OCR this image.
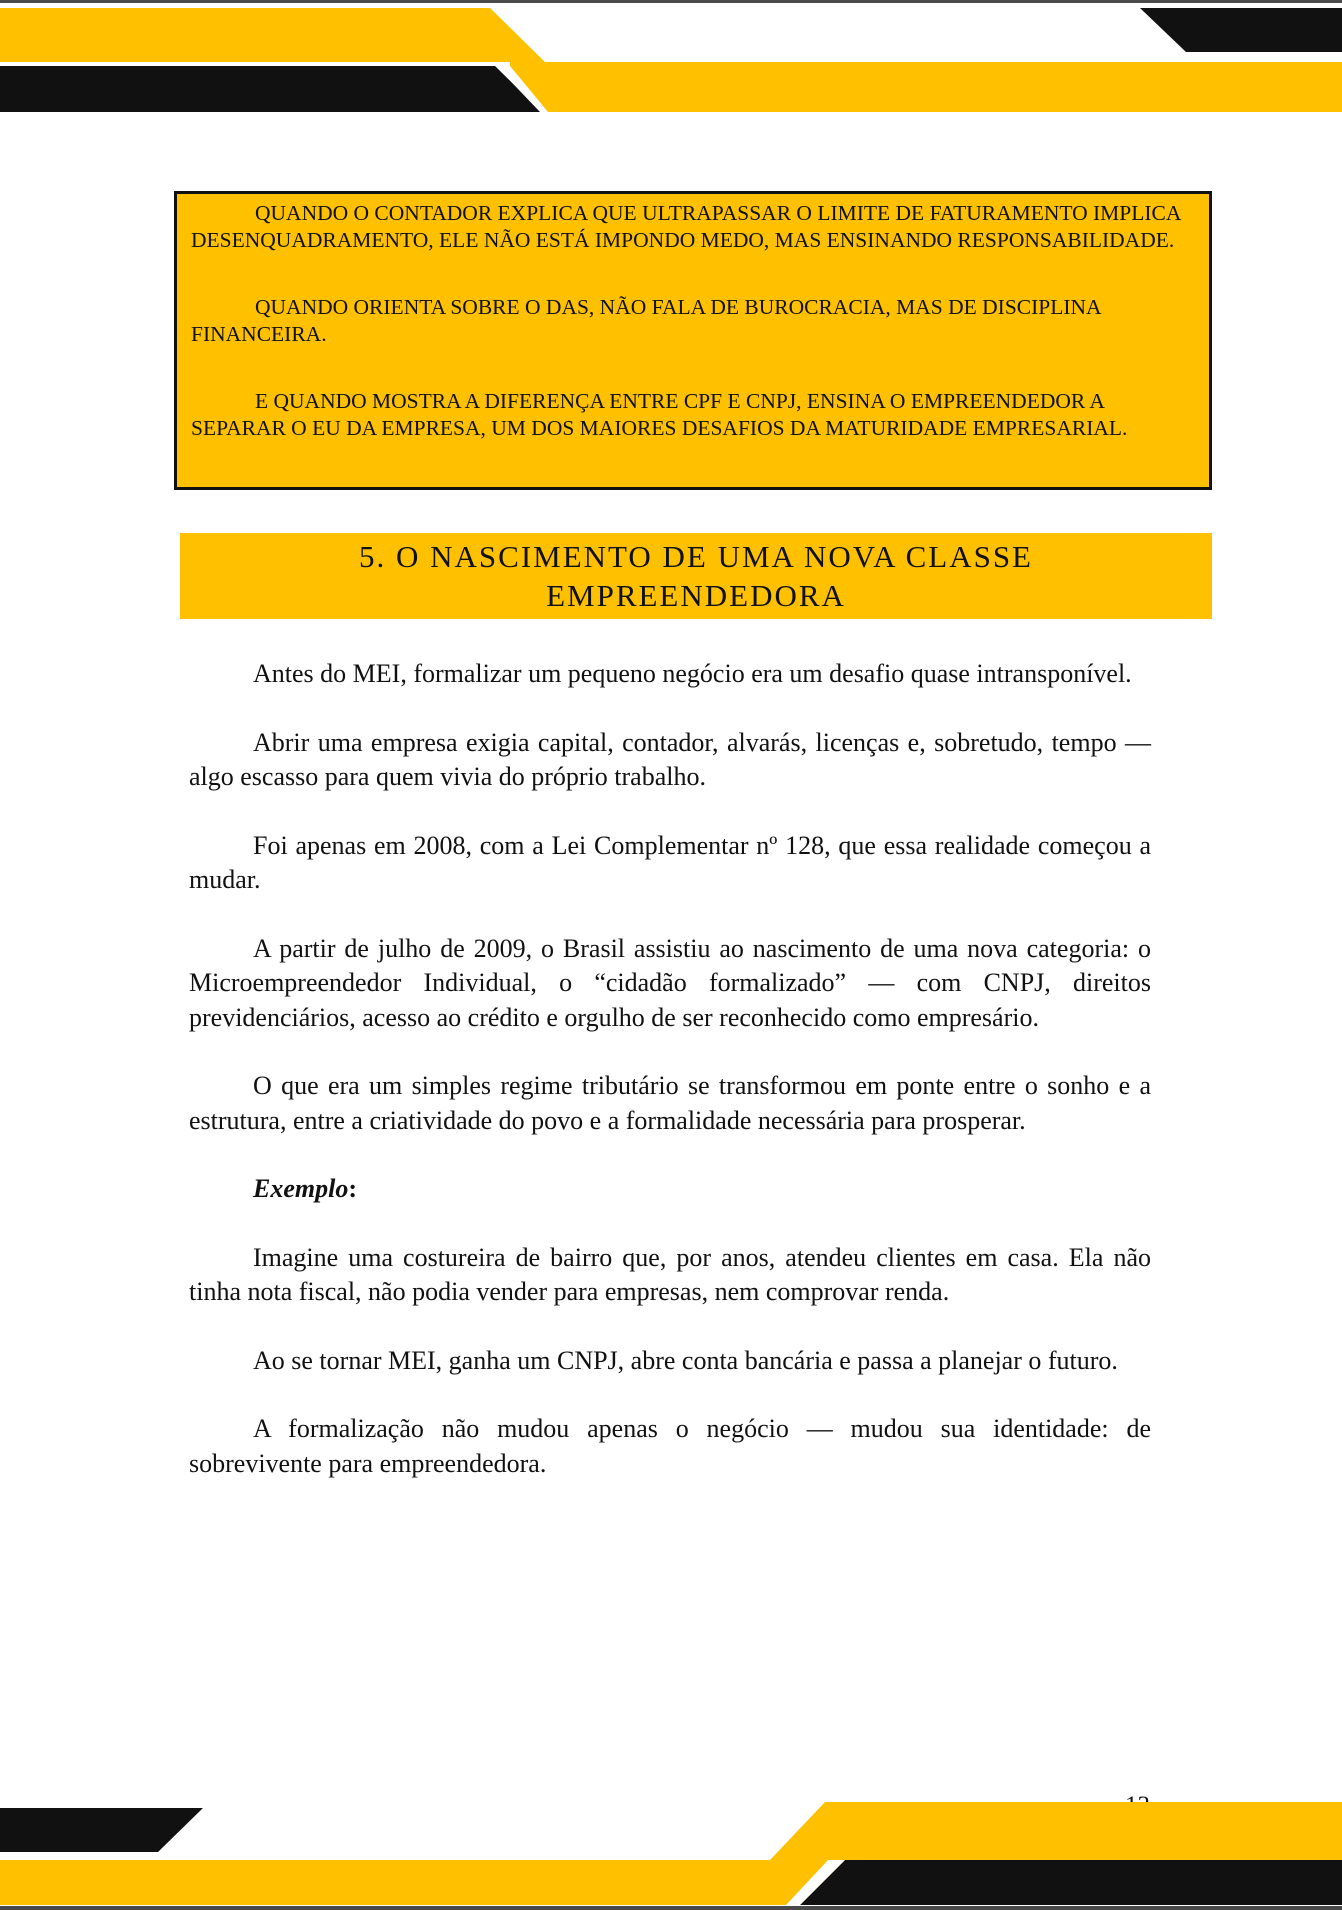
QUANDO O CONTADOR EXPLICA QUE ULTRAPASSAR O LIMITE DE FATURAMENTO IMPLICA DESENQUADRAMENTO, ELE NÃO ESTÁ IMPONDO MEDO, MAS ENSINANDO RESPONSABILIDADE.

QUANDO ORIENTA SOBRE O DAS, NÃO FALA DE BUROCRACIA, MAS DE DISCIPLINA FINANCEIRA.

E QUANDO MOSTRA A DIFERENÇA ENTRE CPF E CNPJ, ENSINA O EMPREENDEDOR A SEPARAR O EU DA EMPRESA, UM DOS MAIORES DESAFIOS DA MATURIDADE EMPRESARIAL.

5. O NASCIMENTO DE UMA NOVA CLASSE EMPREENDEDORA

Antes do MEI, formalizar um pequeno negócio era um desafio quase intransponível.

Abrir uma empresa exigia capital, contador, alvarás, licenças e, sobretudo, tempo — algo escasso para quem vivia do próprio trabalho.

Foi apenas em 2008, com a Lei Complementar nº 128, que essa realidade começou a mudar.

A partir de julho de 2009, o Brasil assistiu ao nascimento de uma nova categoria: o Microempreendedor Individual, o “cidadão formalizado” — com CNPJ, direitos previdenciários, acesso ao crédito e orgulho de ser reconhecido como empresário.

O que era um simples regime tributário se transformou em ponte entre o sonho e a estrutura, entre a criatividade do povo e a formalidade necessária para prosperar.

Exemplo:

Imagine uma costureira de bairro que, por anos, atendeu clientes em casa. Ela não tinha nota fiscal, não podia vender para empresas, nem comprovar renda.

Ao se tornar MEI, ganha um CNPJ, abre conta bancária e passa a planejar o futuro.

A formalização não mudou apenas o negócio — mudou sua identidade: de sobrevivente para empreendedora.
